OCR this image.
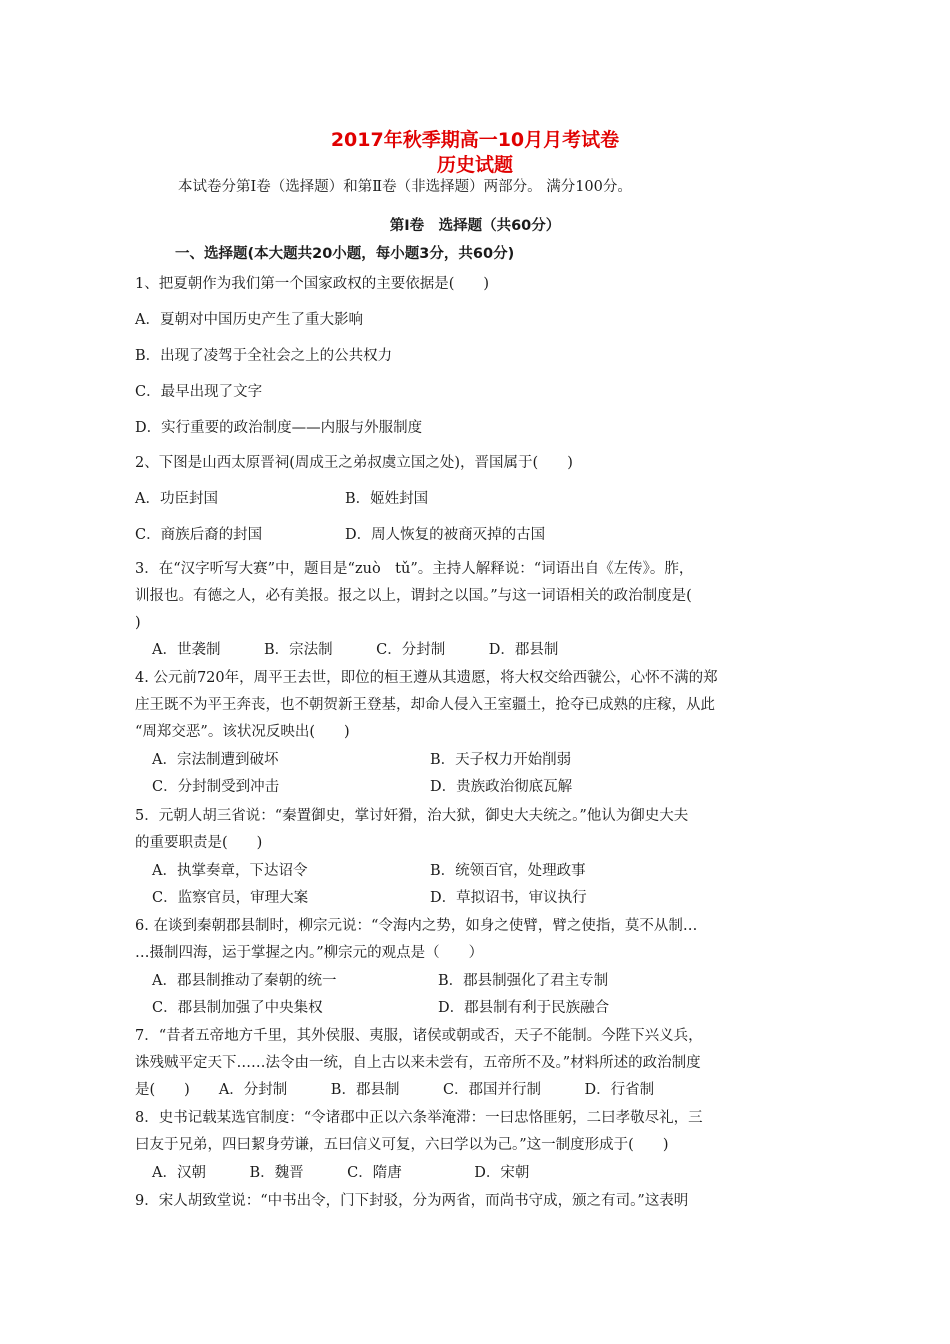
2017年秋季期高一10月月考试卷
历史试题
本试卷分第Ⅰ卷（选择题）和第Ⅱ卷（非选择题）两部分。 满分100分。
第Ⅰ卷　选择题（共60分）
一、选择题(本大题共20小题，每小题3分，共60分)
1、把夏朝作为我们第一个国家政权的主要依据是(　　)
A．夏朝对中国历史产生了重大影响
B．出现了凌驾于全社会之上的公共权力
C．最早出现了文字
D．实行重要的政治制度——内服与外服制度
2、下图是山西太原晋祠(周成王之弟叔虞立国之处)，晋国属于(　　)
A．功臣封国	B．姬姓封国
C．商族后裔的封国	D．周人恢复的被商灭掉的古国
3．在“汉字听写大赛”中，题目是“zuò　tǔ”。主持人解释说：“词语出自《左传》。胙，
训报也。有德之人，必有美报。报之以上，谓封之以国。”与这一词语相关的政治制度是(
)
A．世袭制　　　B．宗法制　　　C．分封制　　　D．郡县制
4. 公元前720年，周平王去世，即位的桓王遵从其遗愿，将大权交给西虢公，心怀不满的郑
庄王既不为平王奔丧，也不朝贺新王登基，却命人侵入王室疆土，抢夺已成熟的庄稼，从此
“周郑交恶”。该状况反映出(　　)
A．宗法制遭到破坏	B．天子权力开始削弱
C．分封制受到冲击	D．贵族政治彻底瓦解
5．元朝人胡三省说：“秦置御史，掌讨奸猾，治大狱，御史大夫统之。”他认为御史大夫
的重要职责是(　　)
A．执掌奏章，下达诏令	B．统领百官，处理政事
C．监察官员，审理大案	D．草拟诏书，审议执行
6. 在谈到秦朝郡县制时，柳宗元说：“令海内之势，如身之使臂，臂之使指，莫不从制…
…摄制四海，运于掌握之内。”柳宗元的观点是（　　）
A．郡县制推动了秦朝的统一	B．郡县制强化了君主专制
C．郡县制加强了中央集权	D．郡县制有利于民族融合
7．“昔者五帝地方千里，其外侯服、夷服，诸侯或朝或否，天子不能制。今陛下兴义兵，
诛残贼平定天下……法令由一统，自上古以来未尝有，五帝所不及。”材料所述的政治制度
是(　　)　　A．分封制　　　B．郡县制　　　C．郡国并行制　　　D．行省制
8．史书记载某选官制度：“令诸郡中正以六条举淹滞：一曰忠恪匪躬，二曰孝敬尽礼，三
曰友于兄弟，四曰絜身劳谦，五曰信义可复，六曰学以为己。”这一制度形成于(　　)
A．汉朝　　　B．魏晋　　　C．隋唐　　　　　D．宋朝
9．宋人胡致堂说：“中书出令，门下封驳，分为两省，而尚书守成，颁之有司。”这表明
